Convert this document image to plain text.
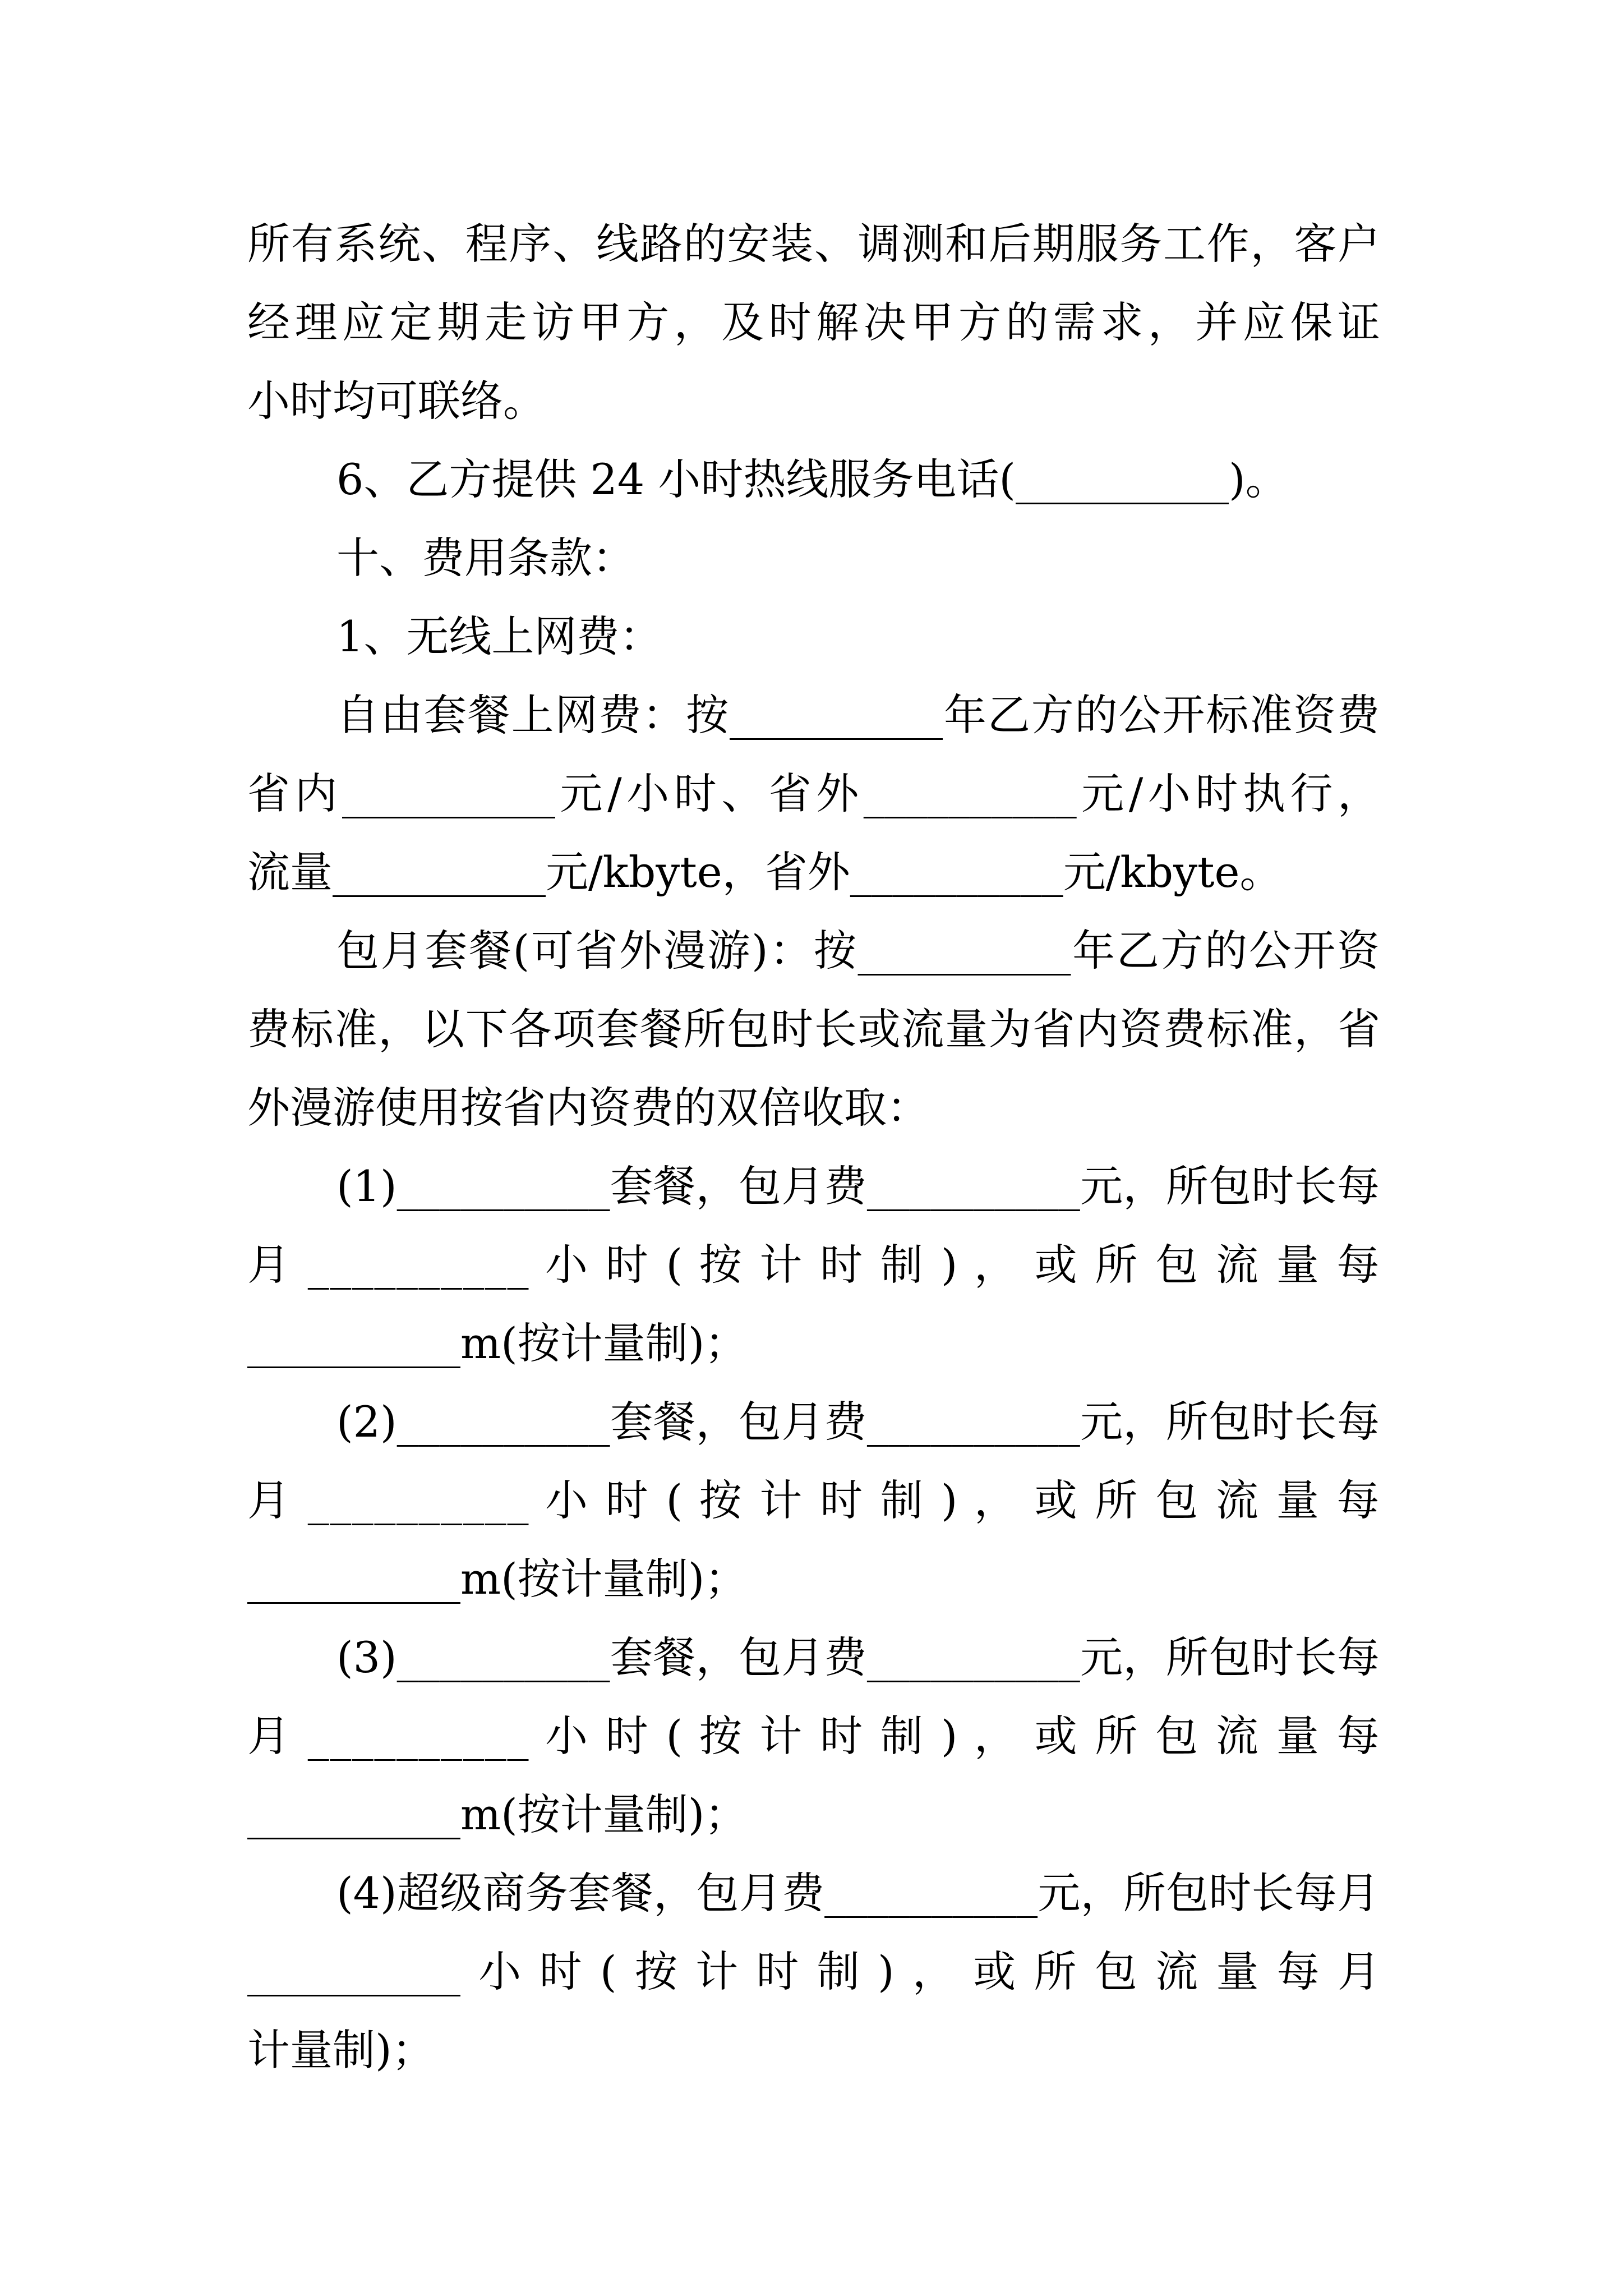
所有系统、程序、线路的安装、调测和后期服务工作，客户
经理应定期走访甲方，及时解决甲方的需求，并应保证
小时均可联络。
6、乙方提供 24 小时热线服务电话(__________)。
十、费用条款：
1、无线上网费：
自由套餐上网费：按__________年乙方的公开标准资费
省内__________元/小时、省外__________元/小时执行，
流量__________元/kbyte，省外__________元/kbyte。
包月套餐(可省外漫游)：按__________年乙方的公开资
费标准，以下各项套餐所包时长或流量为省内资费标准，省
外漫游使用按省内资费的双倍收取：
(1)__________套餐，包月费__________元，所包时长每
月 __________ 小 时 ( 按 计 时 制 ) ， 或 所 包 流 量 每
__________m(按计量制)；
(2)__________套餐，包月费__________元，所包时长每
月 __________ 小 时 ( 按 计 时 制 ) ， 或 所 包 流 量 每
__________m(按计量制)；
(3)__________套餐，包月费__________元，所包时长每
月 __________ 小 时 ( 按 计 时 制 ) ， 或 所 包 流 量 每
__________m(按计量制)；
(4)超级商务套餐，包月费__________元，所包时长每月
__________小时(按计时制)，或所包流量每月
计量制)；
